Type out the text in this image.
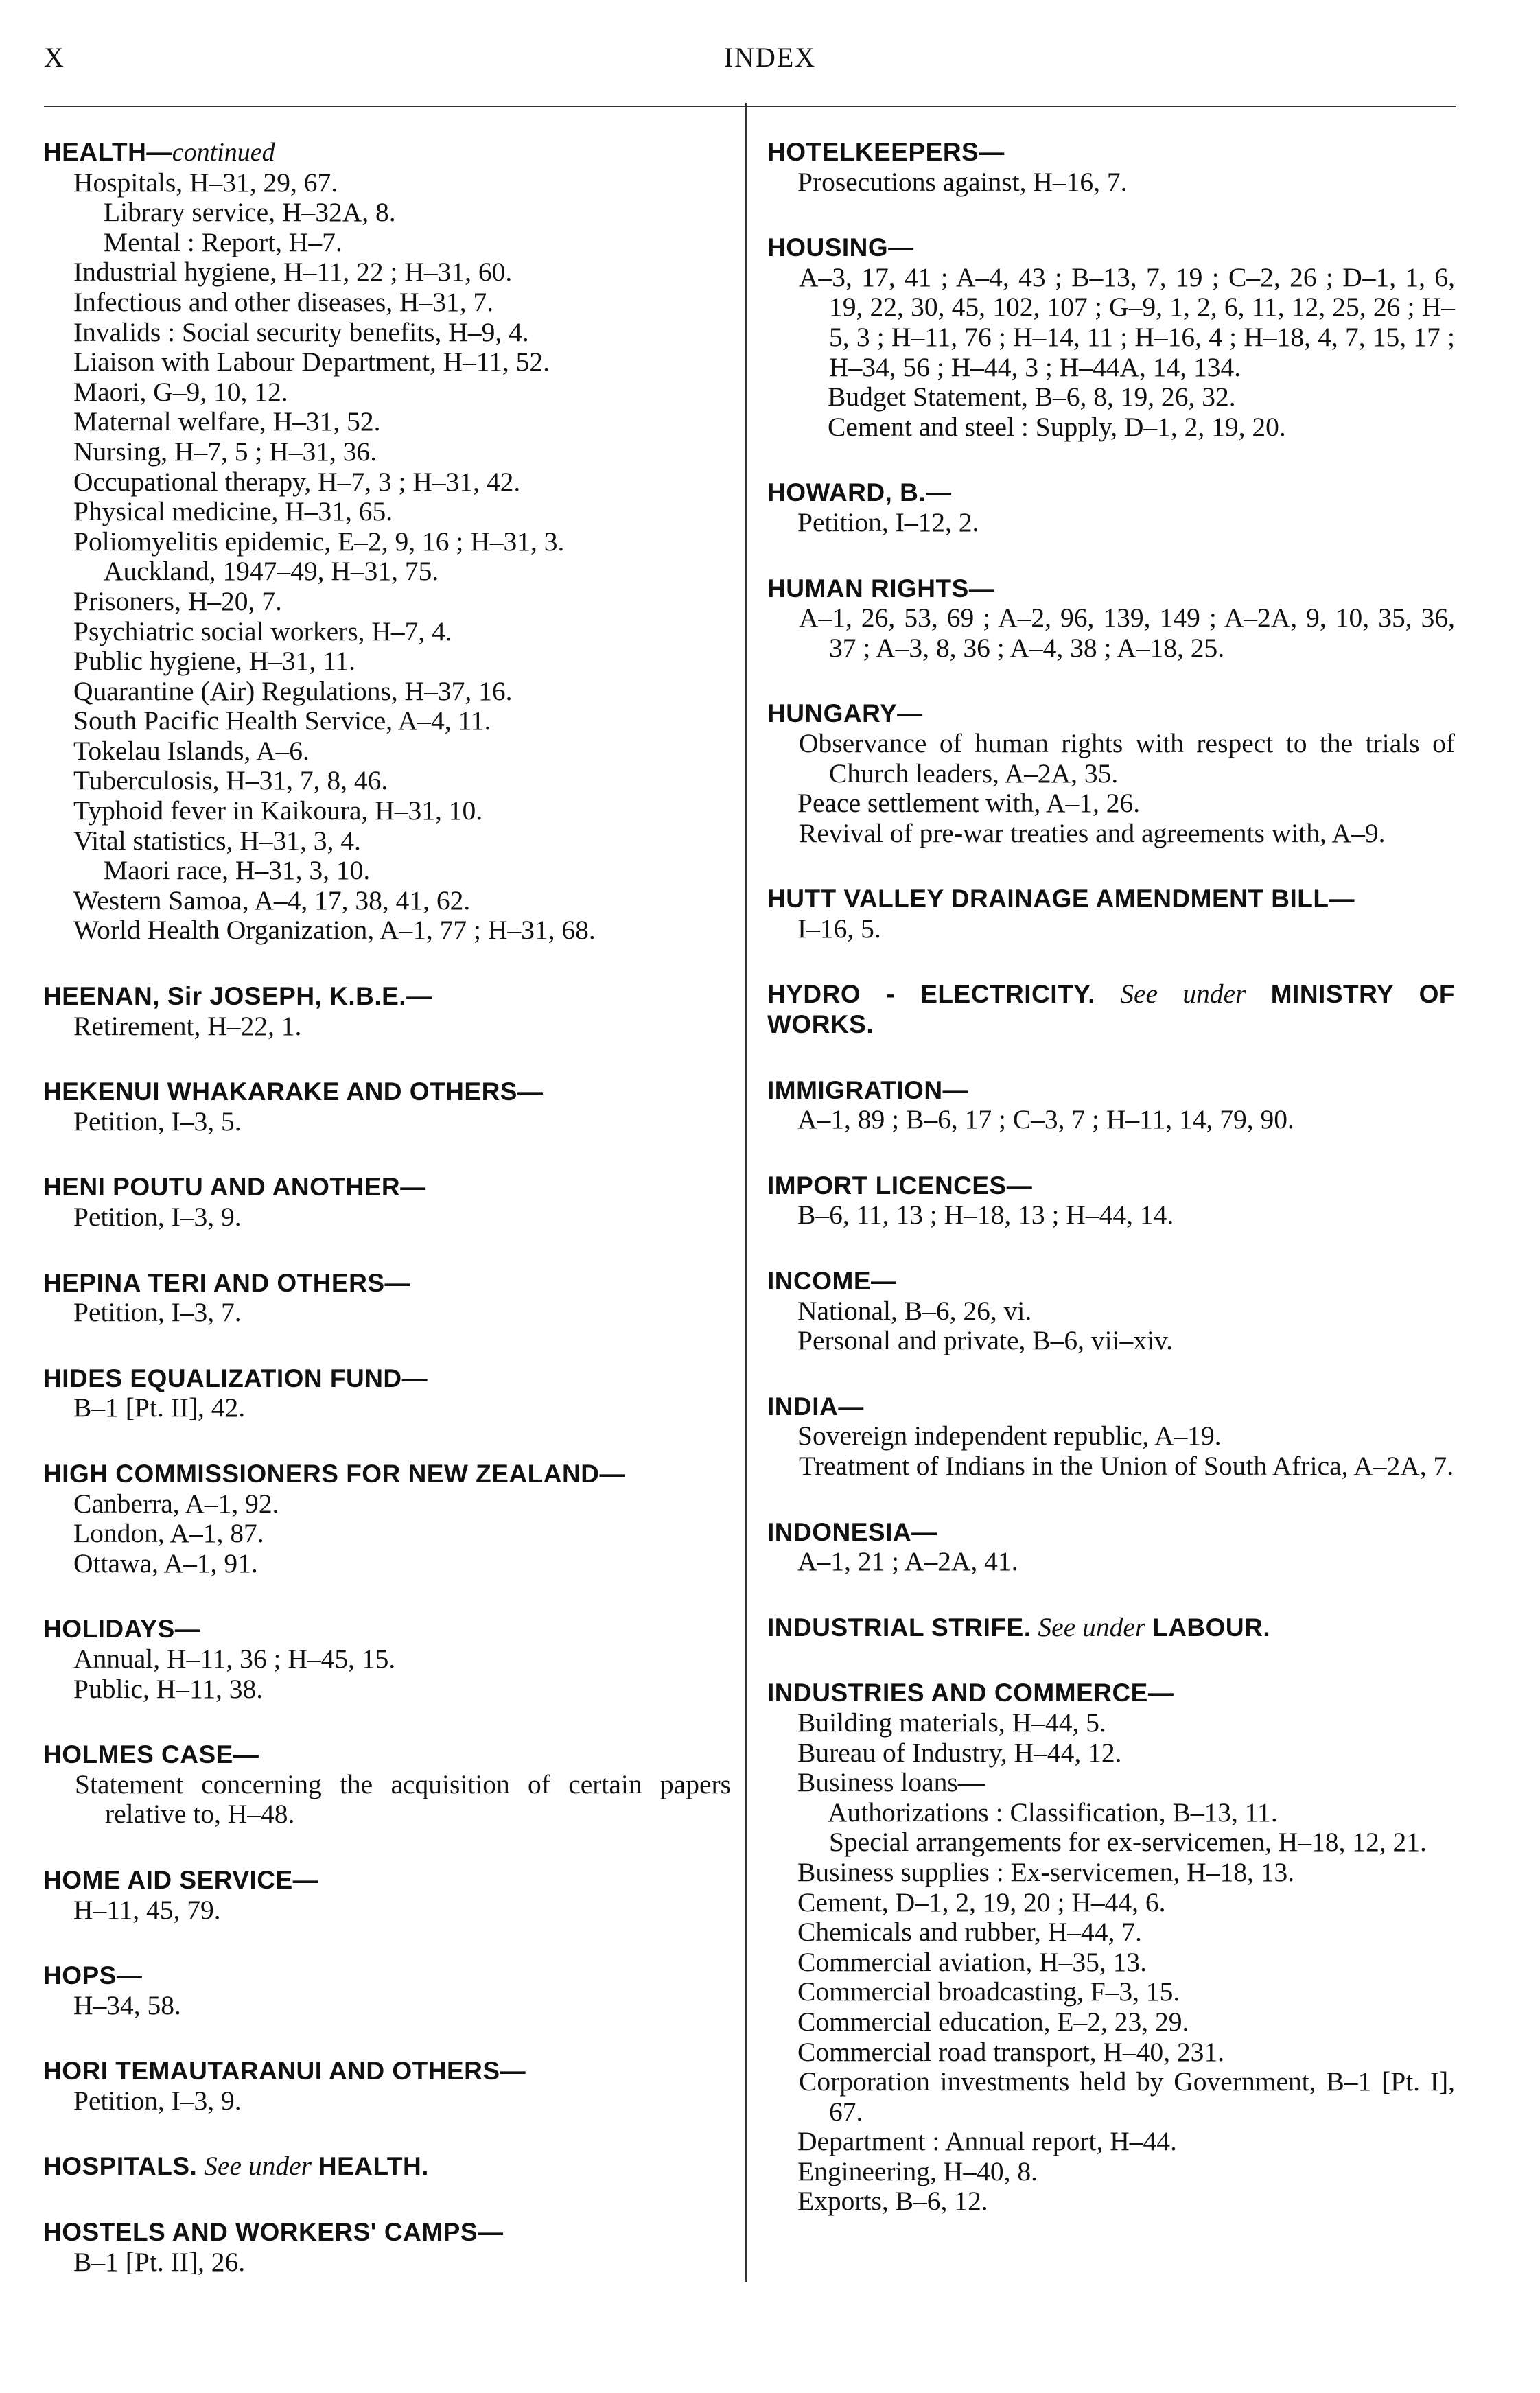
X	INDEX
HEALTH—continued
Hospitals, H–31, 29, 67.
Library service, H–32A, 8.
Mental : Report, H–7.
Industrial hygiene, H–11, 22 ; H–31, 60.
Infectious and other diseases, H–31, 7.
Invalids : Social security benefits, H–9, 4.
Liaison with Labour Department, H–11, 52.
Maori, G–9, 10, 12.
Maternal welfare, H–31, 52.
Nursing, H–7, 5 ; H–31, 36.
Occupational therapy, H–7, 3 ; H–31, 42.
Physical medicine, H–31, 65.
Poliomyelitis epidemic, E–2, 9, 16 ; H–31, 3.
Auckland, 1947–49, H–31, 75.
Prisoners, H–20, 7.
Psychiatric social workers, H–7, 4.
Public hygiene, H–31, 11.
Quarantine (Air) Regulations, H–37, 16.
South Pacific Health Service, A–4, 11.
Tokelau Islands, A–6.
Tuberculosis, H–31, 7, 8, 46.
Typhoid fever in Kaikoura, H–31, 10.
Vital statistics, H–31, 3, 4.
Maori race, H–31, 3, 10.
Western Samoa, A–4, 17, 38, 41, 62.
World Health Organization, A–1, 77 ; H–31, 68.
HEENAN, Sir JOSEPH, K.B.E.—
Retirement, H–22, 1.
HEKENUI WHAKARAKE AND OTHERS—
Petition, I–3, 5.
HENI POUTU AND ANOTHER—
Petition, I–3, 9.
HEPINA TERI AND OTHERS—
Petition, I–3, 7.
HIDES EQUALIZATION FUND—
B–1 [Pt. II], 42.
HIGH COMMISSIONERS FOR NEW ZEALAND—
Canberra, A–1, 92.
London, A–1, 87.
Ottawa, A–1, 91.
HOLIDAYS—
Annual, H–11, 36 ; H–45, 15.
Public, H–11, 38.
HOLMES CASE—
Statement concerning the acquisition of certain papers relative to, H–48.
HOME AID SERVICE—
H–11, 45, 79.
HOPS—
H–34, 58.
HORI TEMAUTARANUI AND OTHERS—
Petition, I–3, 9.
HOSPITALS. See under HEALTH.
HOSTELS AND WORKERS' CAMPS—
B–1 [Pt. II], 26.
HOTELKEEPERS—
Prosecutions against, H–16, 7.
HOUSING—
A–3, 17, 41 ; A–4, 43 ; B–13, 7, 19 ; C–2, 26 ; D–1, 1, 6, 19, 22, 30, 45, 102, 107 ; G–9, 1, 2, 6, 11, 12, 25, 26 ; H–5, 3 ; H–11, 76 ; H–14, 11 ; H–16, 4 ; H–18, 4, 7, 15, 17 ; H–34, 56 ; H–44, 3 ; H–44A, 14, 134.
Budget Statement, B–6, 8, 19, 26, 32.
Cement and steel : Supply, D–1, 2, 19, 20.
HOWARD, B.—
Petition, I–12, 2.
HUMAN RIGHTS—
A–1, 26, 53, 69 ; A–2, 96, 139, 149 ; A–2A, 9, 10, 35, 36, 37 ; A–3, 8, 36 ; A–4, 38 ; A–18, 25.
HUNGARY—
Observance of human rights with respect to the trials of Church leaders, A–2A, 35.
Peace settlement with, A–1, 26.
Revival of pre-war treaties and agreements with, A–9.
HUTT VALLEY DRAINAGE AMENDMENT BILL—
I–16, 5.
HYDRO - ELECTRICITY. See under MINISTRY OF WORKS.
IMMIGRATION—
A–1, 89 ; B–6, 17 ; C–3, 7 ; H–11, 14, 79, 90.
IMPORT LICENCES—
B–6, 11, 13 ; H–18, 13 ; H–44, 14.
INCOME—
National, B–6, 26, vi.
Personal and private, B–6, vii–xiv.
INDIA—
Sovereign independent republic, A–19.
Treatment of Indians in the Union of South Africa, A–2A, 7.
INDONESIA—
A–1, 21 ; A–2A, 41.
INDUSTRIAL STRIFE. See under LABOUR.
INDUSTRIES AND COMMERCE—
Building materials, H–44, 5.
Bureau of Industry, H–44, 12.
Business loans—
Authorizations : Classification, B–13, 11.
Special arrangements for ex-servicemen, H–18, 12, 21.
Business supplies : Ex-servicemen, H–18, 13.
Cement, D–1, 2, 19, 20 ; H–44, 6.
Chemicals and rubber, H–44, 7.
Commercial aviation, H–35, 13.
Commercial broadcasting, F–3, 15.
Commercial education, E–2, 23, 29.
Commercial road transport, H–40, 231.
Corporation investments held by Government, B–1 [Pt. I], 67.
Department : Annual report, H–44.
Engineering, H–40, 8.
Exports, B–6, 12.
